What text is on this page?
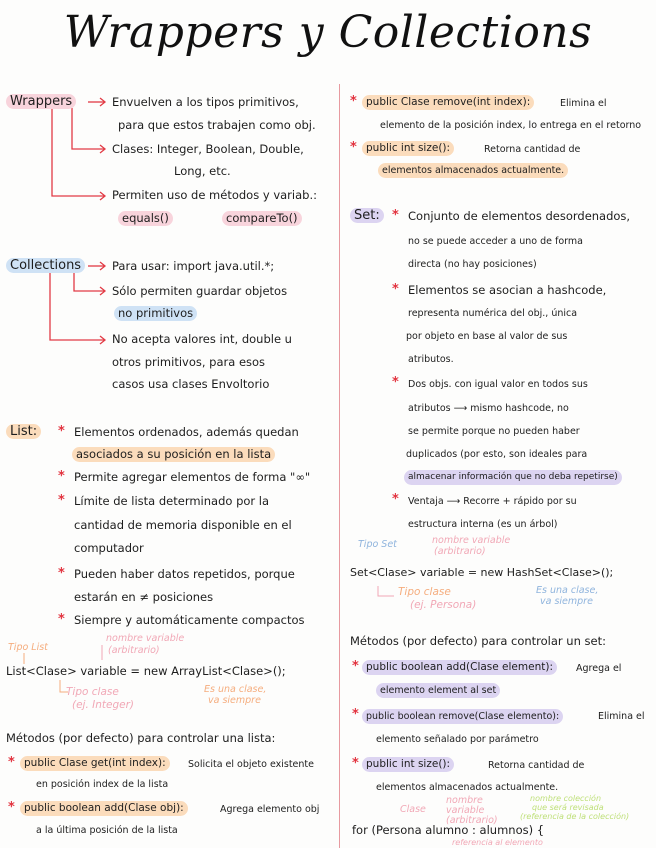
Wrappers y Collections
Wrappers	Envuelven a los tipos primitivos,
para que estos trabajen como obj.
Clases: Integer, Boolean, Double,
Long, etc.
Permiten uso de métodos y variab.:
equals()	compareTo()
Collections	Para usar: import java.util.*;
Sólo permiten guardar objetos
no primitivos
No acepta valores int, double u
otros primitivos, para esos
casos usa clases Envoltorio
List:	* Elementos ordenados, además quedan
asociados a su posición en la lista
* Permite agregar elementos de forma "∞"
* Límite de lista determinado por la
cantidad de memoria disponible en el
computador
* Pueden haber datos repetidos, porque
estarán en ≠ posiciones
* Siempre y automáticamente compactos
Tipo List
nombre variable
(arbitrario)
List<Clase> variable = new ArrayList<Clase>();
Tipo clase
(ej. Integer)
Es una clase,
va siempre
Métodos (por defecto) para controlar una lista:
* public Clase get(int index):	Solicita el objeto existente
en posición index de la lista
* public boolean add(Clase obj):	Agrega elemento obj
a la última posición de la lista
* public Clase remove(int index):	Elimina el
elemento de la posición index, lo entrega en el retorno
* public int size():	Retorna cantidad de
elementos almacenados actualmente.
Set: * Conjunto de elementos desordenados,
no se puede acceder a uno de forma
directa (no hay posiciones)
* Elementos se asocian a hashcode,
representa numérica del obj., única
por objeto en base al valor de sus
atributos.
* Dos objs. con igual valor en todos sus
atributos ⟶ mismo hashcode, no
se permite porque no pueden haber
duplicados (por esto, son ideales para
almacenar información que no deba repetirse)
* Ventaja ⟶ Recorre + rápido por su
estructura interna (es un árbol)
Tipo Set	nombre variable
(arbitrario)
Set<Clase> variable = new HashSet<Clase>();
Tipo clase
(ej. Persona)
Es una clase,
va siempre
Métodos (por defecto) para controlar un set:
* public boolean add(Clase element):	Agrega el
elemento element al set
* public boolean remove(Clase elemento):	Elimina el
elemento señalado por parámetro
* public int size():	Retorna cantidad de
elementos almacenados actualmente.
Clase
nombre
variable
(arbitrario)
nombre colección
que será revisada
(referencia de la colección)
for (Persona alumno : alumnos) {
referencia al elemento
